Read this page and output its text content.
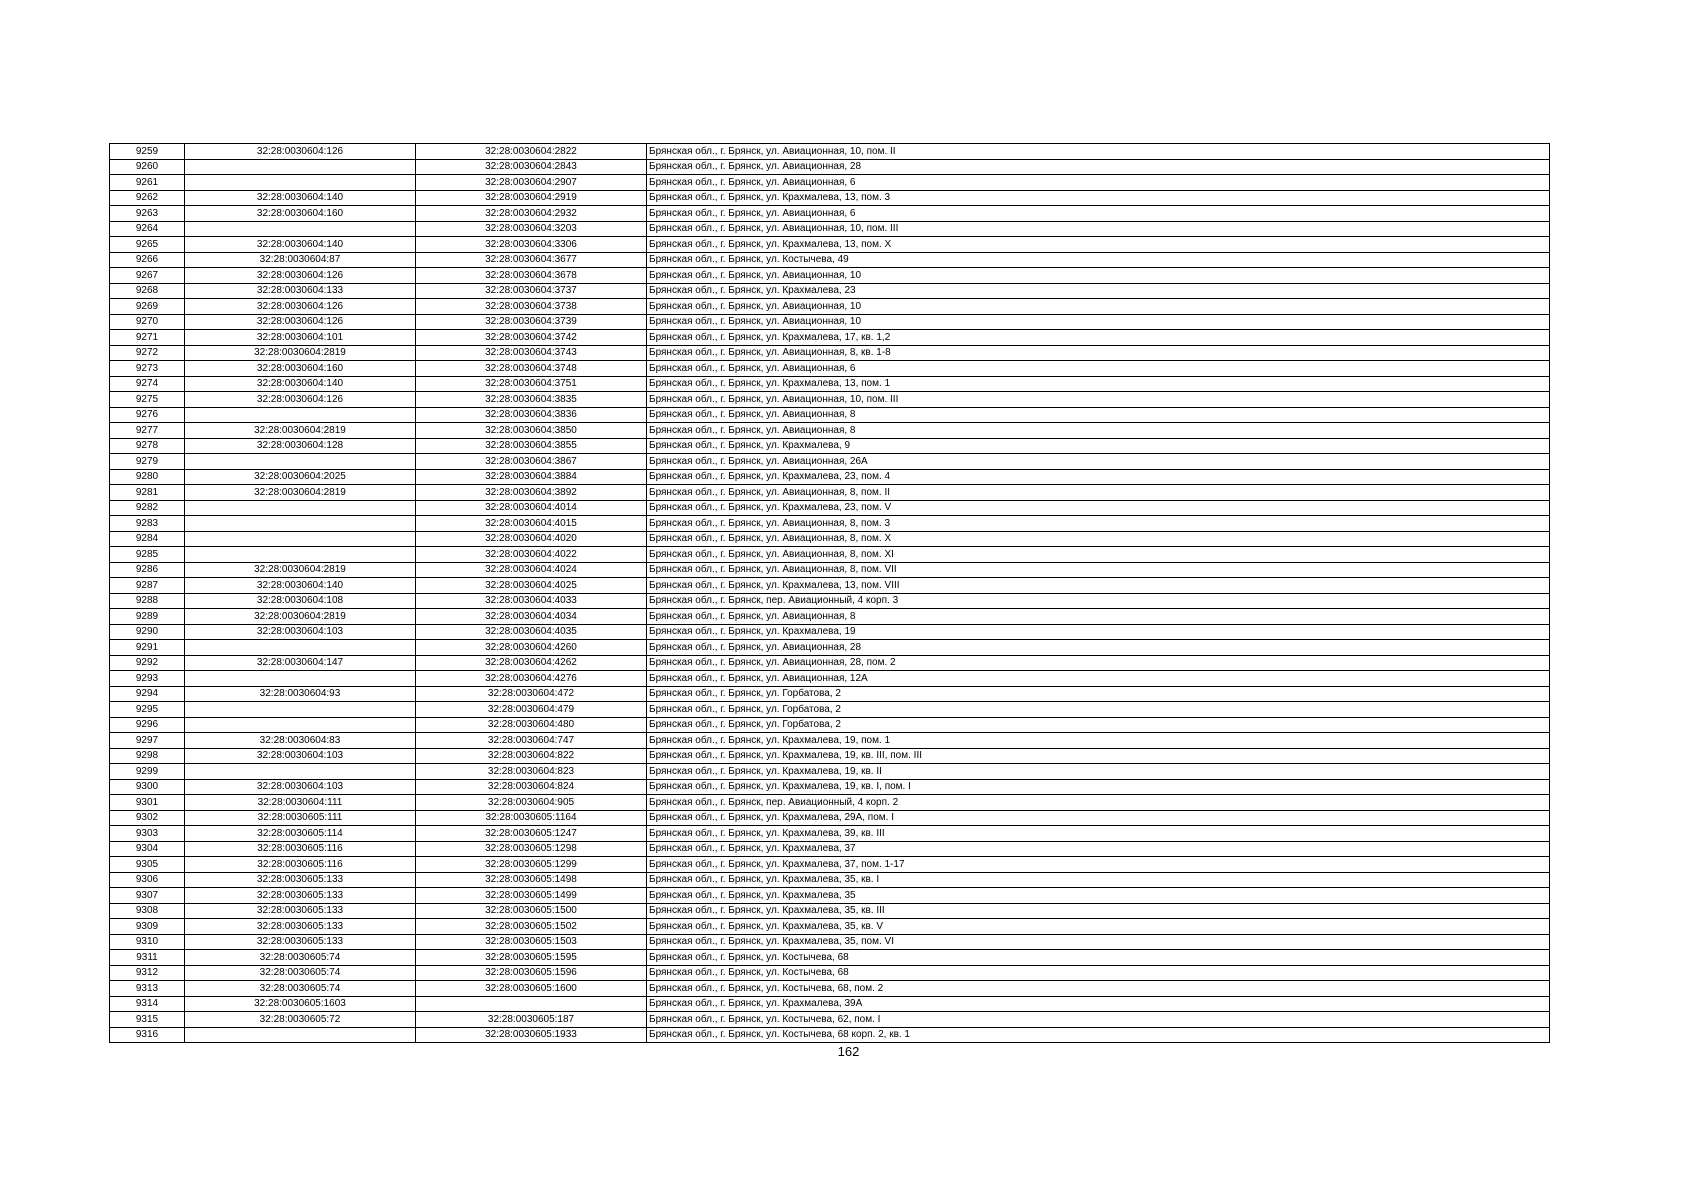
9259	32:28:0030604:126	32:28:0030604:2822	Брянская обл., г. Брянск, ул. Авиационная, 10, пом. II
9260		32:28:0030604:2843	Брянская обл., г. Брянск, ул. Авиационная, 28
9261		32:28:0030604:2907	Брянская обл., г. Брянск, ул. Авиационная, 6
9262	32:28:0030604:140	32:28:0030604:2919	Брянская обл., г. Брянск, ул. Крахмалева, 13, пом. 3
9263	32:28:0030604:160	32:28:0030604:2932	Брянская обл., г. Брянск, ул. Авиационная, 6
9264		32:28:0030604:3203	Брянская обл., г. Брянск, ул. Авиационная, 10, пом. III
9265	32:28:0030604:140	32:28:0030604:3306	Брянская обл., г. Брянск, ул. Крахмалева, 13, пом. X
9266	32:28:0030604:87	32:28:0030604:3677	Брянская обл., г. Брянск, ул. Костычева, 49
9267	32:28:0030604:126	32:28:0030604:3678	Брянская обл., г. Брянск, ул. Авиационная, 10
9268	32:28:0030604:133	32:28:0030604:3737	Брянская обл., г. Брянск, ул. Крахмалева, 23
9269	32:28:0030604:126	32:28:0030604:3738	Брянская обл., г. Брянск, ул. Авиационная, 10
9270	32:28:0030604:126	32:28:0030604:3739	Брянская обл., г. Брянск, ул. Авиационная, 10
9271	32:28:0030604:101	32:28:0030604:3742	Брянская обл., г. Брянск, ул. Крахмалева, 17, кв. 1,2
9272	32:28:0030604:2819	32:28:0030604:3743	Брянская обл., г. Брянск, ул. Авиационная, 8, кв. 1-8
9273	32:28:0030604:160	32:28:0030604:3748	Брянская обл., г. Брянск, ул. Авиационная, 6
9274	32:28:0030604:140	32:28:0030604:3751	Брянская обл., г. Брянск, ул. Крахмалева, 13, пом. 1
9275	32:28:0030604:126	32:28:0030604:3835	Брянская обл., г. Брянск, ул. Авиационная, 10, пом. III
9276		32:28:0030604:3836	Брянская обл., г. Брянск, ул. Авиационная, 8
9277	32:28:0030604:2819	32:28:0030604:3850	Брянская обл., г. Брянск, ул. Авиационная, 8
9278	32:28:0030604:128	32:28:0030604:3855	Брянская обл., г. Брянск, ул. Крахмалева, 9
9279		32:28:0030604:3867	Брянская обл., г. Брянск, ул. Авиационная, 26А
9280	32:28:0030604:2025	32:28:0030604:3884	Брянская обл., г. Брянск, ул. Крахмалева, 23, пом. 4
9281	32:28:0030604:2819	32:28:0030604:3892	Брянская обл., г. Брянск, ул. Авиационная, 8, пом. II
9282		32:28:0030604:4014	Брянская обл., г. Брянск, ул. Крахмалева, 23, пом. V
9283		32:28:0030604:4015	Брянская обл., г. Брянск, ул. Авиационная, 8, пом. 3
9284		32:28:0030604:4020	Брянская обл., г. Брянск, ул. Авиационная, 8, пом. X
9285		32:28:0030604:4022	Брянская обл., г. Брянск, ул. Авиационная, 8, пом. XI
9286	32:28:0030604:2819	32:28:0030604:4024	Брянская обл., г. Брянск, ул. Авиационная, 8, пом. VII
9287	32:28:0030604:140	32:28:0030604:4025	Брянская обл., г. Брянск, ул. Крахмалева, 13, пом. VIII
9288	32:28:0030604:108	32:28:0030604:4033	Брянская обл., г. Брянск, пер. Авиационный, 4 корп. 3
9289	32:28:0030604:2819	32:28:0030604:4034	Брянская обл., г. Брянск, ул. Авиационная, 8
9290	32:28:0030604:103	32:28:0030604:4035	Брянская обл., г. Брянск, ул. Крахмалева, 19
9291		32:28:0030604:4260	Брянская обл., г. Брянск, ул. Авиационная, 28
9292	32:28:0030604:147	32:28:0030604:4262	Брянская обл., г. Брянск, ул. Авиационная, 28, пом. 2
9293		32:28:0030604:4276	Брянская обл., г. Брянск, ул. Авиационная, 12А
9294	32:28:0030604:93	32:28:0030604:472	Брянская обл., г. Брянск, ул. Горбатова, 2
9295		32:28:0030604:479	Брянская обл., г. Брянск, ул. Горбатова, 2
9296		32:28:0030604:480	Брянская обл., г. Брянск, ул. Горбатова, 2
9297	32:28:0030604:83	32:28:0030604:747	Брянская обл., г. Брянск, ул. Крахмалева, 19, пом. 1
9298	32:28:0030604:103	32:28:0030604:822	Брянская обл., г. Брянск, ул. Крахмалева, 19, кв. III, пом. III
9299		32:28:0030604:823	Брянская обл., г. Брянск, ул. Крахмалева, 19, кв. II
9300	32:28:0030604:103	32:28:0030604:824	Брянская обл., г. Брянск, ул. Крахмалева, 19, кв. I, пом. I
9301	32:28:0030604:111	32:28:0030604:905	Брянская обл., г. Брянск, пер. Авиационный, 4 корп. 2
9302	32:28:0030605:111	32:28:0030605:1164	Брянская обл., г. Брянск, ул. Крахмалева, 29А, пом. I
9303	32:28:0030605:114	32:28:0030605:1247	Брянская обл., г. Брянск, ул. Крахмалева, 39, кв. III
9304	32:28:0030605:116	32:28:0030605:1298	Брянская обл., г. Брянск, ул. Крахмалева, 37
9305	32:28:0030605:116	32:28:0030605:1299	Брянская обл., г. Брянск, ул. Крахмалева, 37, пом. 1-17
9306	32:28:0030605:133	32:28:0030605:1498	Брянская обл., г. Брянск, ул. Крахмалева, 35, кв. I
9307	32:28:0030605:133	32:28:0030605:1499	Брянская обл., г. Брянск, ул. Крахмалева, 35
9308	32:28:0030605:133	32:28:0030605:1500	Брянская обл., г. Брянск, ул. Крахмалева, 35, кв. III
9309	32:28:0030605:133	32:28:0030605:1502	Брянская обл., г. Брянск, ул. Крахмалева, 35, кв. V
9310	32:28:0030605:133	32:28:0030605:1503	Брянская обл., г. Брянск, ул. Крахмалева, 35, пом. VI
9311	32:28:0030605:74	32:28:0030605:1595	Брянская обл., г. Брянск, ул. Костычева, 68
9312	32:28:0030605:74	32:28:0030605:1596	Брянская обл., г. Брянск, ул. Костычева, 68
9313	32:28:0030605:74	32:28:0030605:1600	Брянская обл., г. Брянск, ул. Костычева, 68, пом. 2
9314	32:28:0030605:1603		Брянская обл., г. Брянск, ул. Крахмалева, 39А
9315	32:28:0030605:72	32:28:0030605:187	Брянская обл., г. Брянск, ул. Костычева, 62, пом. I
9316		32:28:0030605:1933	Брянская обл., г. Брянск, ул. Костычева, 68 корп. 2, кв. 1
162
